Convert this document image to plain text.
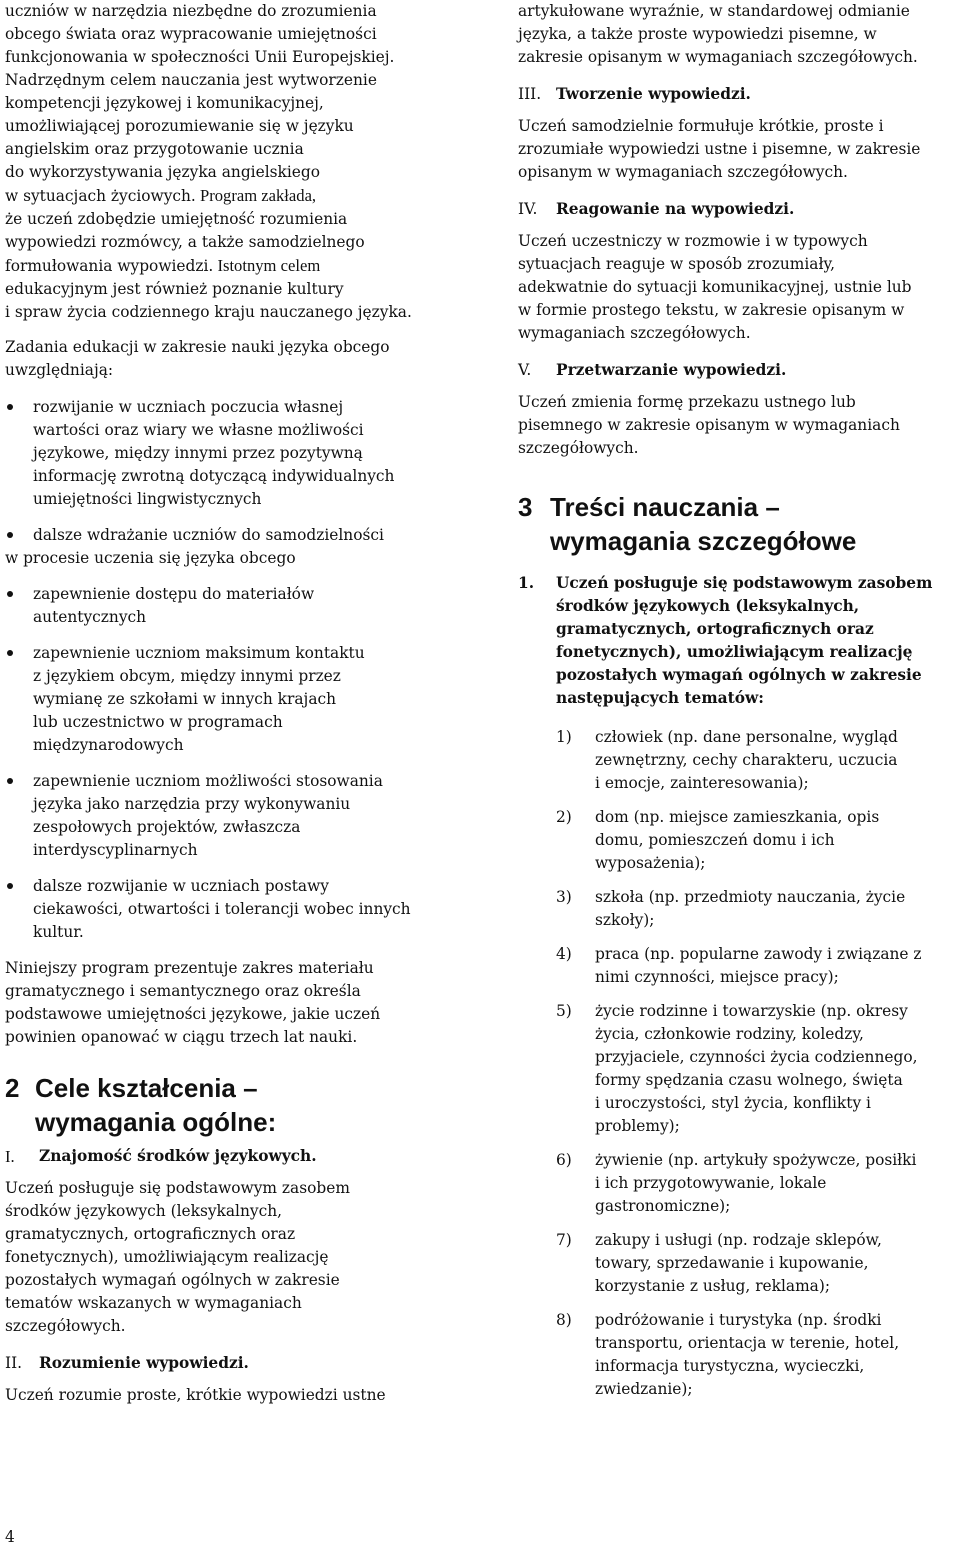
uczniów w narzędzia niezbędne do zrozumienia
obcego świata oraz wypracowanie umiejętności
funkcjonowania w społeczności Unii Europejskiej.
Nadrzędnym celem nauczania jest wytworzenie
kompetencji językowej i komunikacyjnej,
umożliwiającej porozumiewanie się w języku
angielskim oraz przygotowanie ucznia
do wykorzystywania języka angielskiego
w sytuacjach życiowych. Program zakłada,
że uczeń zdobędzie umiejętność rozumienia
wypowiedzi rozmówcy, a także samodzielnego
formułowania wypowiedzi. Istotnym celem
edukacyjnym jest również poznanie kultury
i spraw życia codziennego kraju nauczanego języka.

Zadania edukacji w zakresie nauki języka obcego
uwzględniają:

rozwijanie w uczniach poczucia własnej
wartości oraz wiary we własne możliwości
językowe, między innymi przez pozytywną
informację zwrotną dotyczącą indywidualnych
umiejętności lingwistycznych
dalsze wdrażanie uczniów do samodzielności
w procesie uczenia się języka obcego
zapewnienie dostępu do materiałów
autentycznych
zapewnienie uczniom maksimum kontaktu
z językiem obcym, między innymi przez
wymianę ze szkołami w innych krajach
lub uczestnictwo w programach
międzynarodowych
zapewnienie uczniom możliwości stosowania
języka jako narzędzia przy wykonywaniu
zespołowych projektów, zwłaszcza
interdyscyplinarnych
dalsze rozwijanie w uczniach postawy
ciekawości, otwartości i tolerancji wobec innych
kultur.

Niniejszy program prezentuje zakres materiału
gramatycznego i semantycznego oraz określa
podstawowe umiejętności językowe, jakie uczeń
powinien opanować w ciągu trzech lat nauki.

2 Cele kształcenia –
wymagania ogólne:
I.	Znajomość środków językowych.

Uczeń posługuje się podstawowym zasobem
środków językowych (leksykalnych,
gramatycznych, ortograficznych oraz
fonetycznych), umożliwiającym realizację
pozostałych wymagań ogólnych w zakresie
tematów wskazanych w wymaganiach
szczegółowych.

II.	Rozumienie wypowiedzi.

Uczeń rozumie proste, krótkie wypowiedzi ustne

artykułowane wyraźnie, w standardowej odmianie
języka, a także proste wypowiedzi pisemne, w
zakresie opisanym w wymaganiach szczegółowych.

III. Tworzenie wypowiedzi.

Uczeń samodzielnie formułuje krótkie, proste i
zrozumiałe wypowiedzi ustne i pisemne, w zakresie
opisanym w wymaganiach szczegółowych.

IV.	Reagowanie na wypowiedzi.

Uczeń uczestniczy w rozmowie i w typowych
sytuacjach reaguje w sposób zrozumiały,
adekwatnie do sytuacji komunikacyjnej, ustnie lub
w formie prostego tekstu, w zakresie opisanym w
wymaganiach szczegółowych.

V.	Przetwarzanie wypowiedzi.

Uczeń zmienia formę przekazu ustnego lub
pisemnego w zakresie opisanym w wymaganiach
szczegółowych.

3 Treści nauczania –
wymagania szczegółowe
1. Uczeń posługuje się podstawowym zasobem
środków językowych (leksykalnych,
gramatycznych, ortograficznych oraz
fonetycznych), umożliwiającym realizację
pozostałych wymagań ogólnych w zakresie
następujących tematów:
1) człowiek (np. dane personalne, wygląd
zewnętrzny, cechy charakteru, uczucia
i emocje, zainteresowania);
2) dom (np. miejsce zamieszkania, opis
domu, pomieszczeń domu i ich
wyposażenia);
3) szkoła (np. przedmioty nauczania, życie
szkoły);
4) praca (np. popularne zawody i związane z
nimi czynności, miejsce pracy);
5) życie rodzinne i towarzyskie (np. okresy
życia, członkowie rodziny, koledzy,
przyjaciele, czynności życia codziennego,
formy spędzania czasu wolnego, święta
i uroczystości, styl życia, konflikty i
problemy);
6) żywienie (np. artykuły spożywcze, posiłki
i ich przygotowywanie, lokale
gastronomiczne);
7) zakupy i usługi (np. rodzaje sklepów,
towary, sprzedawanie i kupowanie,
korzystanie z usług, reklama);
8) podróżowanie i turystyka (np. środki
transportu, orientacja w terenie, hotel,
informacja turystyczna, wycieczki,
zwiedzanie);
4
